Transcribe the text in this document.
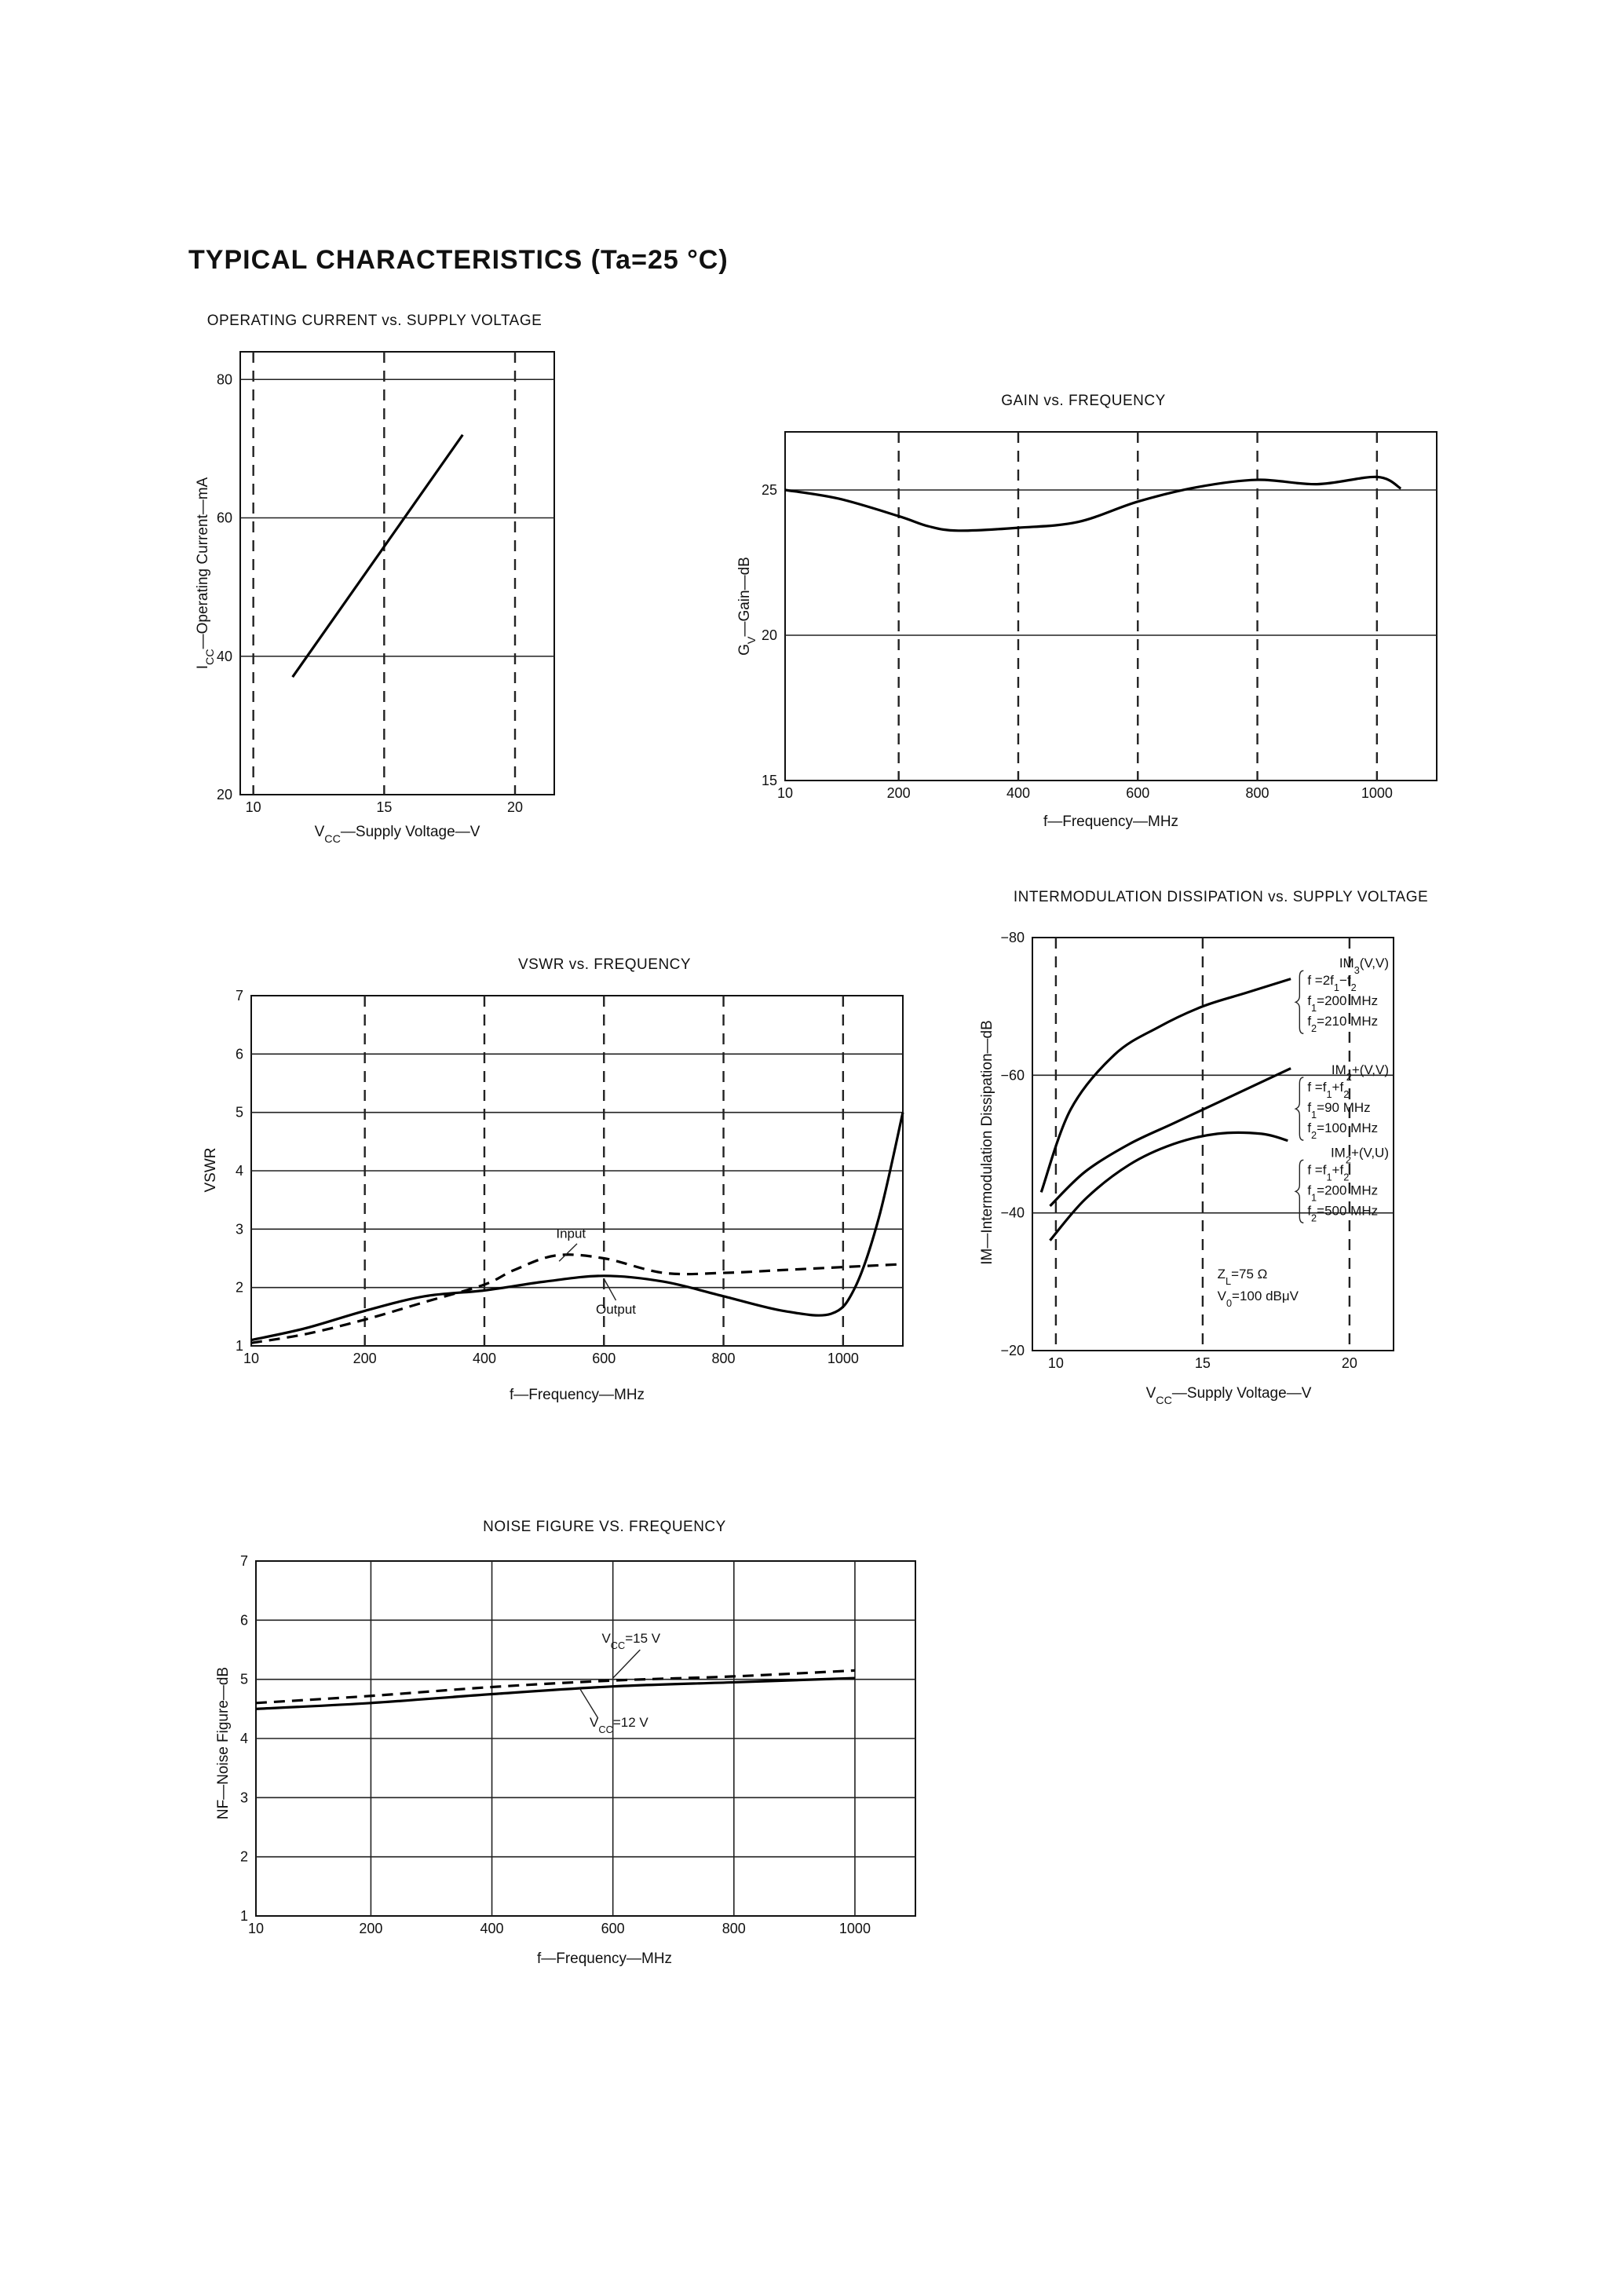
TYPICAL CHARACTERISTICS (Ta=25 °C)
OPERATING CURRENT vs. SUPPLY VOLTAGE
20
40
60
80
10	15	20
$V_{CC}—Supply$ Voltage—V
$I_{CC}—Operating$ Current—mA
GAIN vs. FREQUENCY
15
20
25
10	200	400	600	800	1000
f—Frequency—MHz
$G_V—Gain—dB$
VSWR vs. FREQUENCY
1
2
3
4
5
6
7
10	200	400	600	800	1000
Input
Output
f—Frequency—MHz
VSWR
INTERMODULATION DISSIPATION vs. SUPPLY VOLTAGE
−80
−60
−40
−20
10	15	20
$IM_3(V,V)$
$f =2f_1-f_2$
$f_1=200$ MHz
$f_2=210$ MHz
$IM_2+(V,V)$
$f =f_1+f_2$
$f_1=90$ MHz
$f_2=100$ MHz
$IM_2+(V,U)$
$f =f_1+f_2$
$f_1=200$ MHz
$f_2=500$ MHz
$Z_L=75$ Ω
$V_0=100$ dBμV
$V_{CC}—Supply$ Voltage—V
IM—Intermodulation Dissipation—dB
NOISE FIGURE VS. FREQUENCY
1
2
3
4
5
6
7
10	200	400	600	800	1000
$V_{CC}=15$ V
$V_{CC}=12$ V
f—Frequency—MHz
NF—Noise Figure—dB
